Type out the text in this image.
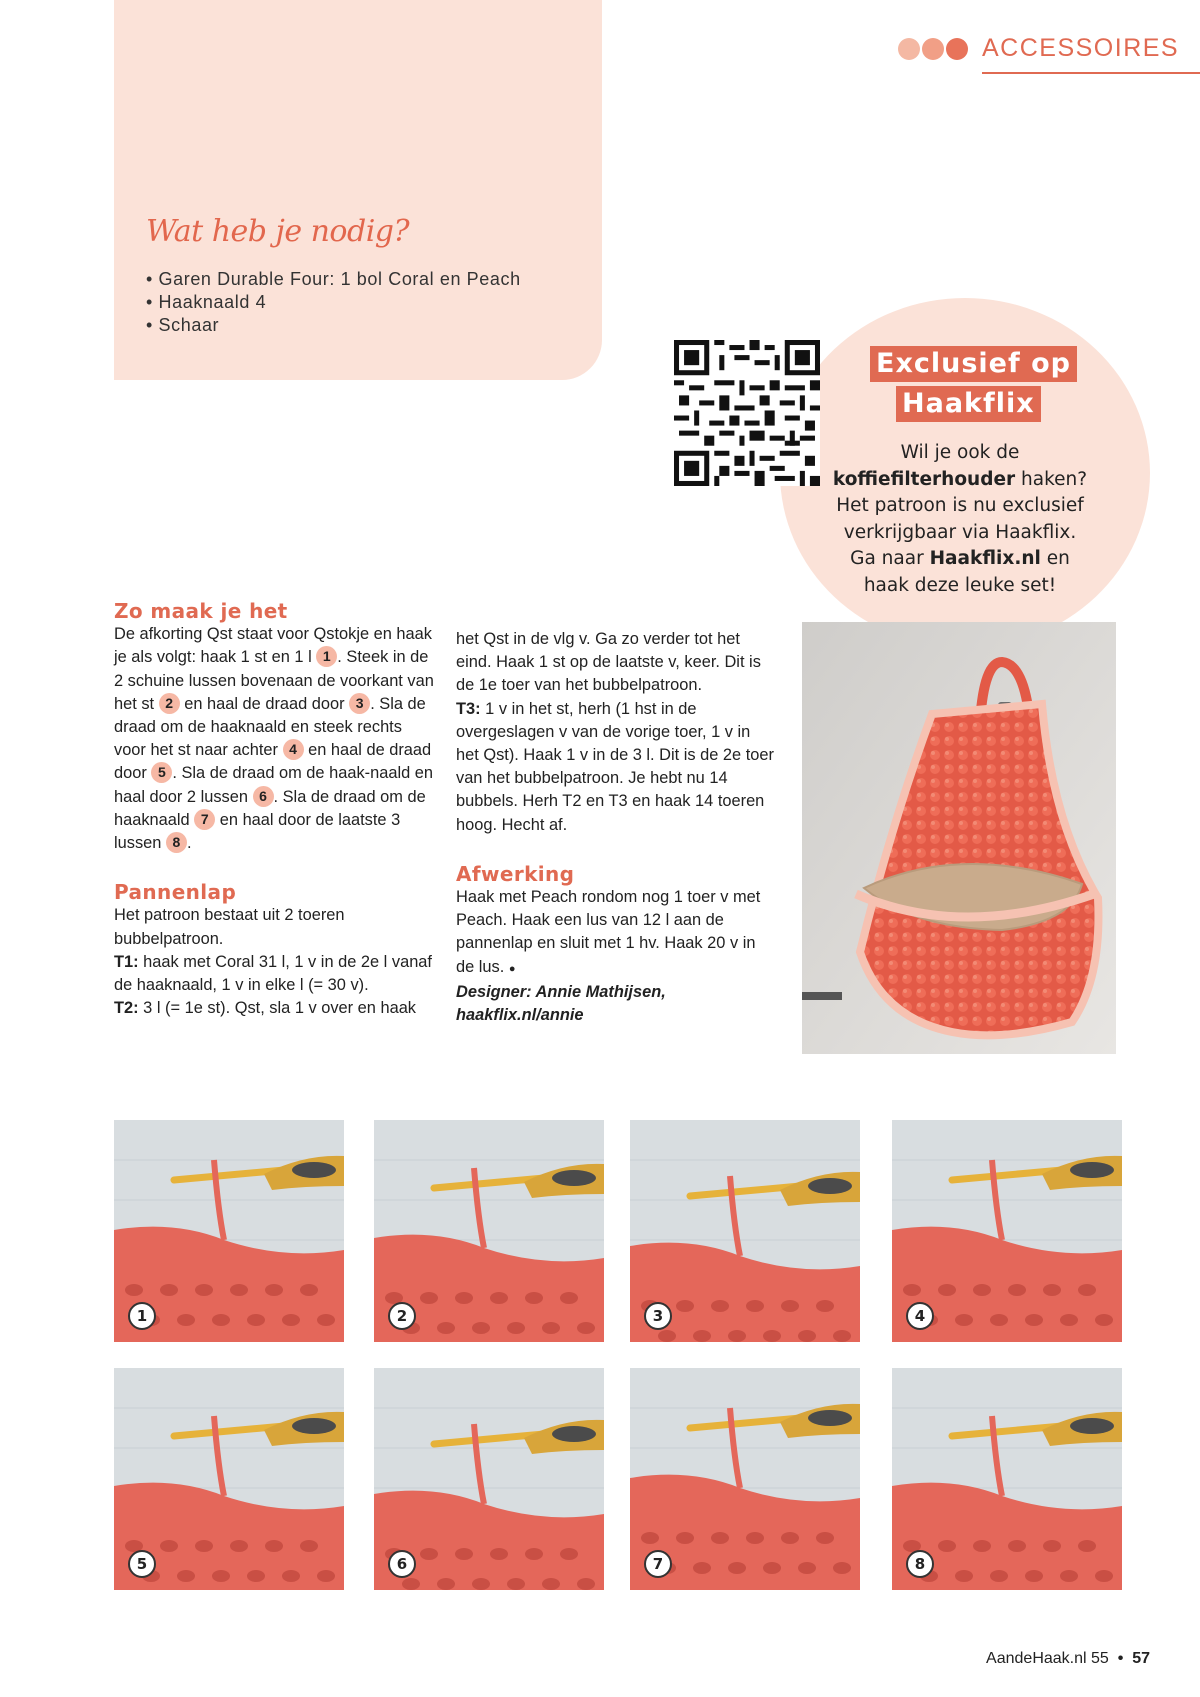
ACCESSOIRES
Wat heb je nodig?
• Garen Durable Four: 1 bol Coral en Peach
• Haaknaald 4
• Schaar
Exclusief op
Haakflix
Wil je ook de
koffiefilterhouder haken?
Het patroon is nu exclusief
verkrijgbaar via Haakflix.
Ga naar Haakflix.nl en
haak deze leuke set!
Zo maak je het
De afkorting Qst staat voor Qstokje en haak je als volgt: haak 1 st en 1 l 1 . Steek in de 2 schuine lussen bovenaan de voorkant van het st 2 en haal de draad door 3 . Sla de draad om de haaknaald en steek rechts voor het st naar achter 4 en haal de draad door 5 . Sla de draad om de haak-naald en haal door 2 lussen 6 . Sla de draad om de haaknaald 7 en haal door de laatste 3 lussen 8 .
Pannenlap
Het patroon bestaat uit 2 toeren bubbelpatroon.
T1: haak met Coral 31 l, 1 v in de 2e l vanaf de haaknaald, 1 v in elke l (= 30 v).
T2: 3 l (= 1e st). Qst, sla 1 v over en haak
het Qst in de vlg v. Ga zo verder tot het eind. Haak 1 st op de laatste v, keer. Dit is de 1e toer van het bubbelpatroon.
T3: 1 v in het st, herh (1 hst in de overgeslagen v van de vorige toer, 1 v in het Qst). Haak 1 v in de 3 l. Dit is de 2e toer van het bubbelpatroon. Je hebt nu 14 bubbels. Herh T2 en T3 en haak 14 toeren hoog. Hecht af.
Afwerking
Haak met Peach rondom nog 1 toer v met Peach. Haak een lus van 12 l aan de pannenlap en sluit met 1 hv. Haak 20 v in de lus. ●
Designer: Annie Mathijsen,
haakflix.nl/annie
1	2	3	4
5	6	7	8
AandeHaak.nl 55 • 57
